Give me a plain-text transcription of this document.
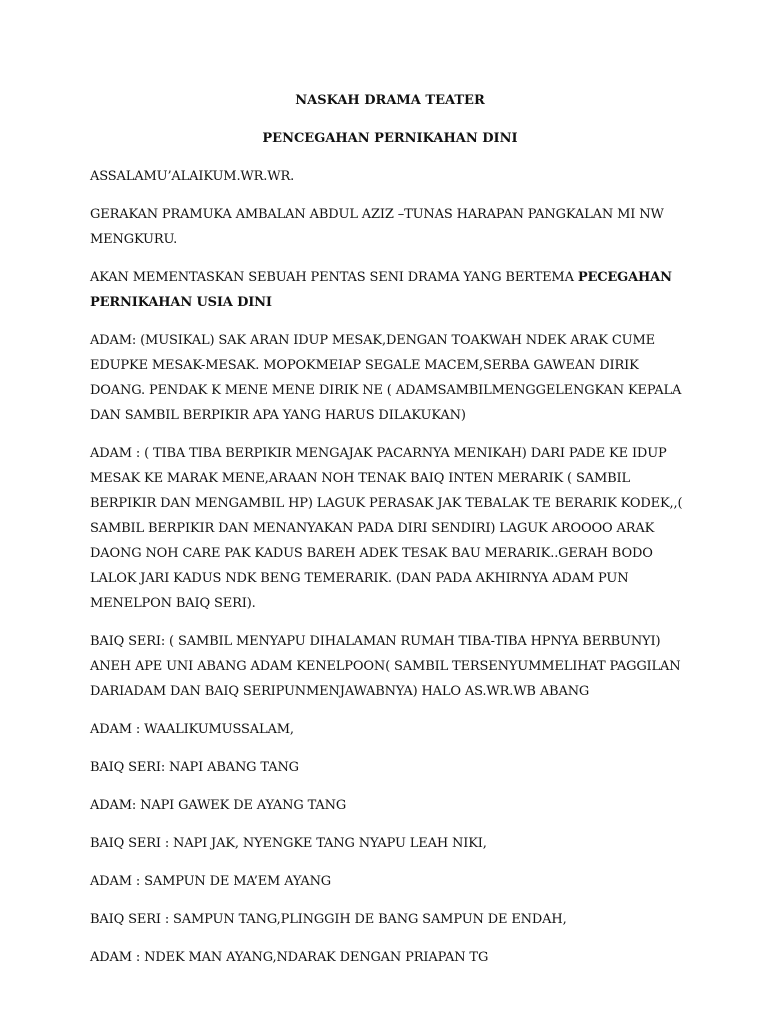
NASKAH DRAMA TEATER

PENCEGAHAN PERNIKAHAN DINI

ASSALAMU’ALAIKUM.WR.WR.

GERAKAN PRAMUKA AMBALAN ABDUL AZIZ –TUNAS HARAPAN PANGKALAN MI NW MENGKURU.

AKAN MEMENTASKAN SEBUAH PENTAS SENI DRAMA YANG BERTEMA PECEGAHAN PERNIKAHAN USIA DINI

ADAM: (MUSIKAL) SAK ARAN IDUP MESAK,DENGAN TOAKWAH NDEK ARAK CUME EDUPKE MESAK-MESAK. MOPOKMEIAP SEGALE MACEM,SERBA GAWEAN DIRIK DOANG. PENDAK K MENE MENE DIRIK NE ( ADAMSAMBILMENGGELENGKAN KEPALA DAN SAMBIL BERPIKIR APA YANG HARUS DILAKUKAN)

ADAM : ( TIBA TIBA BERPIKIR MENGAJAK PACARNYA MENIKAH) DARI PADE KE IDUP MESAK KE MARAK MENE,ARAAN NOH TENAK BAIQ INTEN MERARIK ( SAMBIL BERPIKIR DAN MENGAMBIL HP) LAGUK PERASAK JAK TEBALAK TE BERARIK KODEK,,( SAMBIL BERPIKIR DAN MENANYAKAN PADA DIRI SENDIRI) LAGUK AROOOO ARAK DAONG NOH CARE PAK KADUS BAREH ADEK TESAK BAU MERARIK..GERAH BODO LALOK JARI KADUS NDK BENG TEMERARIK. (DAN PADA AKHIRNYA ADAM PUN MENELPON BAIQ SERI).

BAIQ SERI: ( SAMBIL MENYAPU DIHALAMAN RUMAH TIBA-TIBA HPNYA BERBUNYI) ANEH APE UNI ABANG ADAM KENELPOON( SAMBIL TERSENYUMMELIHAT PAGGILAN DARIADAM DAN BAIQ SERIPUNMENJAWABNYA) HALO AS.WR.WB ABANG

ADAM : WAALIKUMUSSALAM,

BAIQ SERI: NAPI ABANG TANG

ADAM: NAPI GAWEK DE AYANG TANG

BAIQ SERI : NAPI JAK, NYENGKE TANG NYAPU LEAH NIKI,

ADAM : SAMPUN DE MA’EM AYANG

BAIQ SERI : SAMPUN TANG,PLINGGIH DE BANG SAMPUN DE ENDAH,

ADAM : NDEK MAN AYANG,NDARAK DENGAN PRIAPAN TG
